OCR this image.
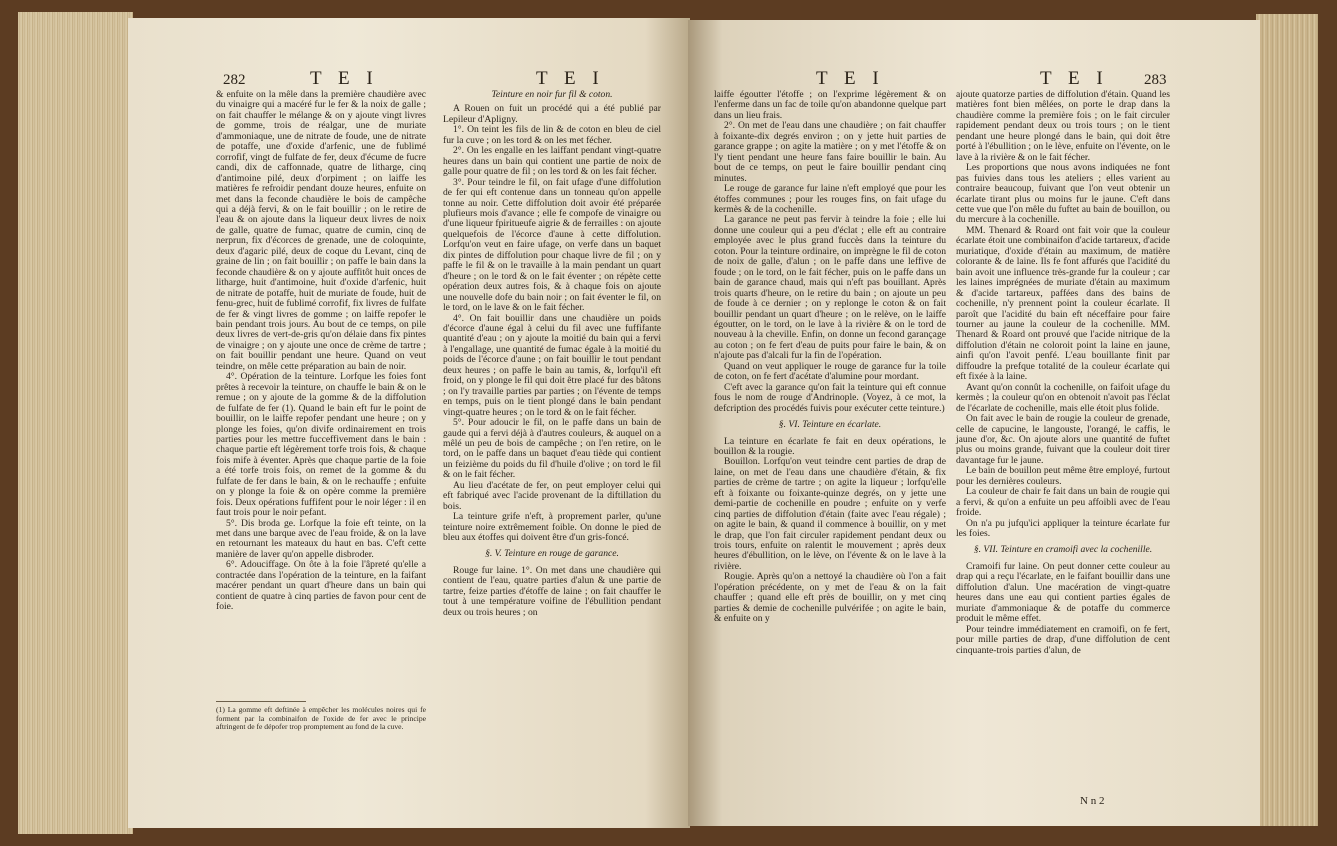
282	T E I	T E I

& enfuite on la mêle dans la première chaudière avec du vinaigre qui a macéré fur le fer & la noix de galle ; on fait chauffer le mélange & on y ajoute vingt livres de gomme, trois de réalgar, une de muriate d'ammoniaque, une de nitrate de foude, une de nitrate de potaffe, une d'oxide d'arfenic, une de fublimé corrofif, vingt de fulfate de fer, deux d'écume de fucre candi, dix de caffonnade, quatre de litharge, cinq d'antimoine pilé, deux d'orpiment ; on laiffe les matières fe refroidir pendant douze heures, enfuite on met dans la feconde chaudière le bois de campêche qui a déjà fervi, & on le fait bouillir ; on le retire de l'eau & on ajoute dans la liqueur deux livres de noix de galle, quatre de fumac, quatre de cumin, cinq de nerprun, fix d'écorces de grenade, une de coloquinte, deux d'agaric pilé, deux de coque du Levant, cinq de graine de lin ; on fait bouillir ; on paffe le bain dans la feconde chaudière & on y ajoute auffitôt huit onces de litharge, huit d'antimoine, huit d'oxide d'arfenic, huit de nitrate de potaffe, huit de muriate de foude, huit de fenu-grec, huit de fublimé corrofif, fix livres de fulfate de fer & vingt livres de gomme ; on laiffe repofer le bain pendant trois jours. Au bout de ce temps, on pile deux livres de vert-de-gris qu'on délaie dans fix pintes de vinaigre ; on y ajoute une once de crème de tartre ; on fait bouillir pendant une heure. Quand on veut teindre, on mêle cette préparation au bain de noir.

4°. Opération de la teinture. Lorfque les foies font prêtes à recevoir la teinture, on chauffe le bain & on le remue ; on y ajoute de la gomme & de la diffolution de fulfate de fer (1). Quand le bain eft fur le point de bouillir, on le laiffe repofer pendant une heure ; on y plonge les foies, qu'on divife ordinairement en trois parties pour les mettre fucceffivement dans le bain : chaque partie eft légèrement torfe trois fois, & chaque fois mife à éventer. Après que chaque partie de la foie a été torfe trois fois, on remet de la gomme & du fulfate de fer dans le bain, & on le rechauffe ; enfuite on y plonge la foie & on opère comme la première fois. Deux opérations fuffifent pour le noir léger : il en faut trois pour le noir pefant.

5°. Dis broda ge. Lorfque la foie eft teinte, on la met dans une barque avec de l'eau froide, & on la lave en retournant les mateaux du haut en bas. C'eft cette manière de laver qu'on appelle disbroder.

6°. Adouciffage. On ôte à la foie l'âpreté qu'elle a contractée dans l'opération de la teinture, en la faifant macérer pendant un quart d'heure dans un bain qui contient de quatre à cinq parties de favon pour cent de foie.

(1) La gomme eft deftinée à empêcher les molécules noires qui fe forment par la combinaifon de l'oxide de fer avec le principe aftringent de fe dépofer trop promptement au fond de la cuve.

Teinture en noir fur fil & coton.

A Rouen on fuit un procédé qui a été publié par Lepileur d'Apligny.

1°. On teint les fils de lin & de coton en bleu de ciel fur la cuve ; on les tord & on les met fécher.

2°. On les engalle en les laiffant pendant vingt-quatre heures dans un bain qui contient une partie de noix de galle pour quatre de fil ; on les tord & on les fait fécher.

3°. Pour teindre le fil, on fait ufage d'une diffolution de fer qui eft contenue dans un tonneau qu'on appelle tonne au noir. Cette diffolution doit avoir été préparée plufieurs mois d'avance ; elle fe compofe de vinaigre ou d'une liqueur fpiritueufe aigrie & de ferrailles : on ajoute quelquefois de l'écorce d'aune à cette diffolution. Lorfqu'on veut en faire ufage, on verfe dans un baquet dix pintes de diffolution pour chaque livre de fil ; on y paffe le fil & on le travaille à la main pendant un quart d'heure ; on le tord & on le fait éventer ; on répète cette opération deux autres fois, & à chaque fois on ajoute une nouvelle dofe du bain noir ; on fait éventer le fil, on le tord, on le lave & on le fait fécher.

4°. On fait bouillir dans une chaudière un poids d'écorce d'aune égal à celui du fil avec une fuffifante quantité d'eau ; on y ajoute la moitié du bain qui a fervi à l'engallage, une quantité de fumac égale à la moitié du poids de l'écorce d'aune ; on fait bouillir le tout pendant deux heures ; on paffe le bain au tamis, &, lorfqu'il eft froid, on y plonge le fil qui doit être placé fur des bâtons ; on l'y travaille parties par parties ; on l'évente de temps en temps, puis on le tient plongé dans le bain pendant vingt-quatre heures ; on le tord & on le fait fécher.

5°. Pour adoucir le fil, on le paffe dans un bain de gaude qui a fervi déjà à d'autres couleurs, & auquel on a mêlé un peu de bois de campêche ; on l'en retire, on le tord, on le paffe dans un baquet d'eau tiède qui contient un feizième du poids du fil d'huile d'olive ; on tord le fil & on le fait fécher.

Au lieu d'acétate de fer, on peut employer celui qui eft fabriqué avec l'acide provenant de la diftillation du bois.

La teinture grife n'eft, à proprement parler, qu'une teinture noire extrêmement foible. On donne le pied de bleu aux étoffes qui doivent être d'un gris-foncé.

§. V. Teinture en rouge de garance.

Rouge fur laine. 1°. On met dans une chaudière qui contient de l'eau, quatre parties d'alun & une partie de tartre, feize parties d'étoffe de laine ; on fait chauffer le tout à une température voifine de l'ébullition pendant deux ou trois heures ; on

T E I	T E I 283

laiffe égoutter l'étoffe ; on l'exprime légèrement & on l'enferme dans un fac de toile qu'on abandonne quelque part dans un lieu frais.

2°. On met de l'eau dans une chaudière ; on fait chauffer à foixante-dix degrés environ ; on y jette huit parties de garance grappe ; on agite la matière ; on y met l'étoffe & on l'y tient pendant une heure fans faire bouillir le bain. Au bout de ce temps, on peut le faire bouillir pendant cinq minutes.

Le rouge de garance fur laine n'eft employé que pour les étoffes communes ; pour les rouges fins, on fait ufage du kermès & de la cochenille.

La garance ne peut pas fervir à teindre la foie ; elle lui donne une couleur qui a peu d'éclat ; elle eft au contraire employée avec le plus grand fuccès dans la teinture du coton. Pour la teinture ordinaire, on imprègne le fil de coton de noix de galle, d'alun ; on le paffe dans une leffive de foude ; on le tord, on le fait fécher, puis on le paffe dans un bain de garance chaud, mais qui n'eft pas bouillant. Après trois quarts d'heure, on le retire du bain ; on ajoute un peu de foude à ce dernier ; on y replonge le coton & on fait bouillir pendant un quart d'heure ; on le relève, on le laiffe égoutter, on le tord, on le lave à la rivière & on le tord de nouveau à la cheville. Enfin, on donne un fecond garançage au coton ; on fe fert d'eau de puits pour faire le bain, & on n'ajoute pas d'alcali fur la fin de l'opération.

Quand on veut appliquer le rouge de garance fur la toile de coton, on fe fert d'acétate d'alumine pour mordant.

C'eft avec la garance qu'on fait la teinture qui eft connue fous le nom de rouge d'Andrinople. (Voyez, à ce mot, la defcription des procédés fuivis pour exécuter cette teinture.)

§. VI. Teinture en écarlate.

La teinture en écarlate fe fait en deux opérations, le bouillon & la rougie.

Bouillon. Lorfqu'on veut teindre cent parties de drap de laine, on met de l'eau dans une chaudière d'étain, & fix parties de crème de tartre ; on agite la liqueur ; lorfqu'elle eft à foixante ou foixante-quinze degrés, on y jette une demi-partie de cochenille en poudre ; enfuite on y verfe cinq parties de diffolution d'étain (faite avec l'eau régale) ; on agite le bain, & quand il commence à bouillir, on y met le drap, que l'on fait circuler rapidement pendant deux ou trois tours, enfuite on ralentit le mouvement ; après deux heures d'ébullition, on le lève, on l'évente & on le lave à la rivière.

Rougie. Après qu'on a nettoyé la chaudière où l'on a fait l'opération précédente, on y met de l'eau & on la fait chauffer ; quand elle eft près de bouillir, on y met cinq parties & demie de cochenille pulvérifée ; on agite le bain, & enfuite on y

ajoute quatorze parties de diffolution d'étain. Quand les matières font bien mêlées, on porte le drap dans la chaudière comme la première fois ; on le fait circuler rapidement pendant deux ou trois tours ; on le tient pendant une heure plongé dans le bain, qui doit être porté à l'ébullition ; on le lève, enfuite on l'évente, on le lave à la rivière & on le fait fécher.

Les proportions que nous avons indiquées ne font pas fuivies dans tous les ateliers ; elles varient au contraire beaucoup, fuivant que l'on veut obtenir un écarlate tirant plus ou moins fur le jaune. C'eft dans cette vue que l'on mêle du fuftet au bain de bouillon, ou du mercure à la cochenille.

MM. Thenard & Roard ont fait voir que la couleur écarlate étoit une combinaifon d'acide tartareux, d'acide muriatique, d'oxide d'étain au maximum, de matière colorante & de laine. Ils fe font affurés que l'acidité du bain avoit une influence très-grande fur la couleur ; car les laines imprégnées de muriate d'étain au maximum & d'acide tartareux, paffées dans des bains de cochenille, n'y prennent point la couleur écarlate. Il paroît que l'acidité du bain eft néceffaire pour faire tourner au jaune la couleur de la cochenille. MM. Thenard & Roard ont prouvé que l'acide nitrique de la diffolution d'étain ne coloroit point la laine en jaune, ainfi qu'on l'avoit penfé. L'eau bouillante finit par diffoudre la prefque totalité de la couleur écarlate qui eft fixée à la laine.

Avant qu'on connût la cochenille, on faifoit ufage du kermès ; la couleur qu'on en obtenoit n'avoit pas l'éclat de l'écarlate de cochenille, mais elle étoit plus folide.

On fait avec le bain de rougie la couleur de grenade, celle de capucine, le langouste, l'orangé, le caffis, le jaune d'or, &c. On ajoute alors une quantité de fuftet plus ou moins grande, fuivant que la couleur doit tirer davantage fur le jaune.

Le bain de bouillon peut même être employé, furtout pour les dernières couleurs.

La couleur de chair fe fait dans un bain de rougie qui a fervi, & qu'on a enfuite un peu affoibli avec de l'eau froide.

On n'a pu jufqu'ici appliquer la teinture écarlate fur les foies.

§. VII. Teinture en cramoifi avec la cochenille.

Cramoifi fur laine. On peut donner cette couleur au drap qui a reçu l'écarlate, en le faifant bouillir dans une diffolution d'alun. Une macération de vingt-quatre heures dans une eau qui contient parties égales de muriate d'ammoniaque & de potaffe du commerce produit le même effet.

Pour teindre immédiatement en cramoifi, on fe fert, pour mille parties de drap, d'une diffolution de cent cinquante-trois parties d'alun, de

N n 2
